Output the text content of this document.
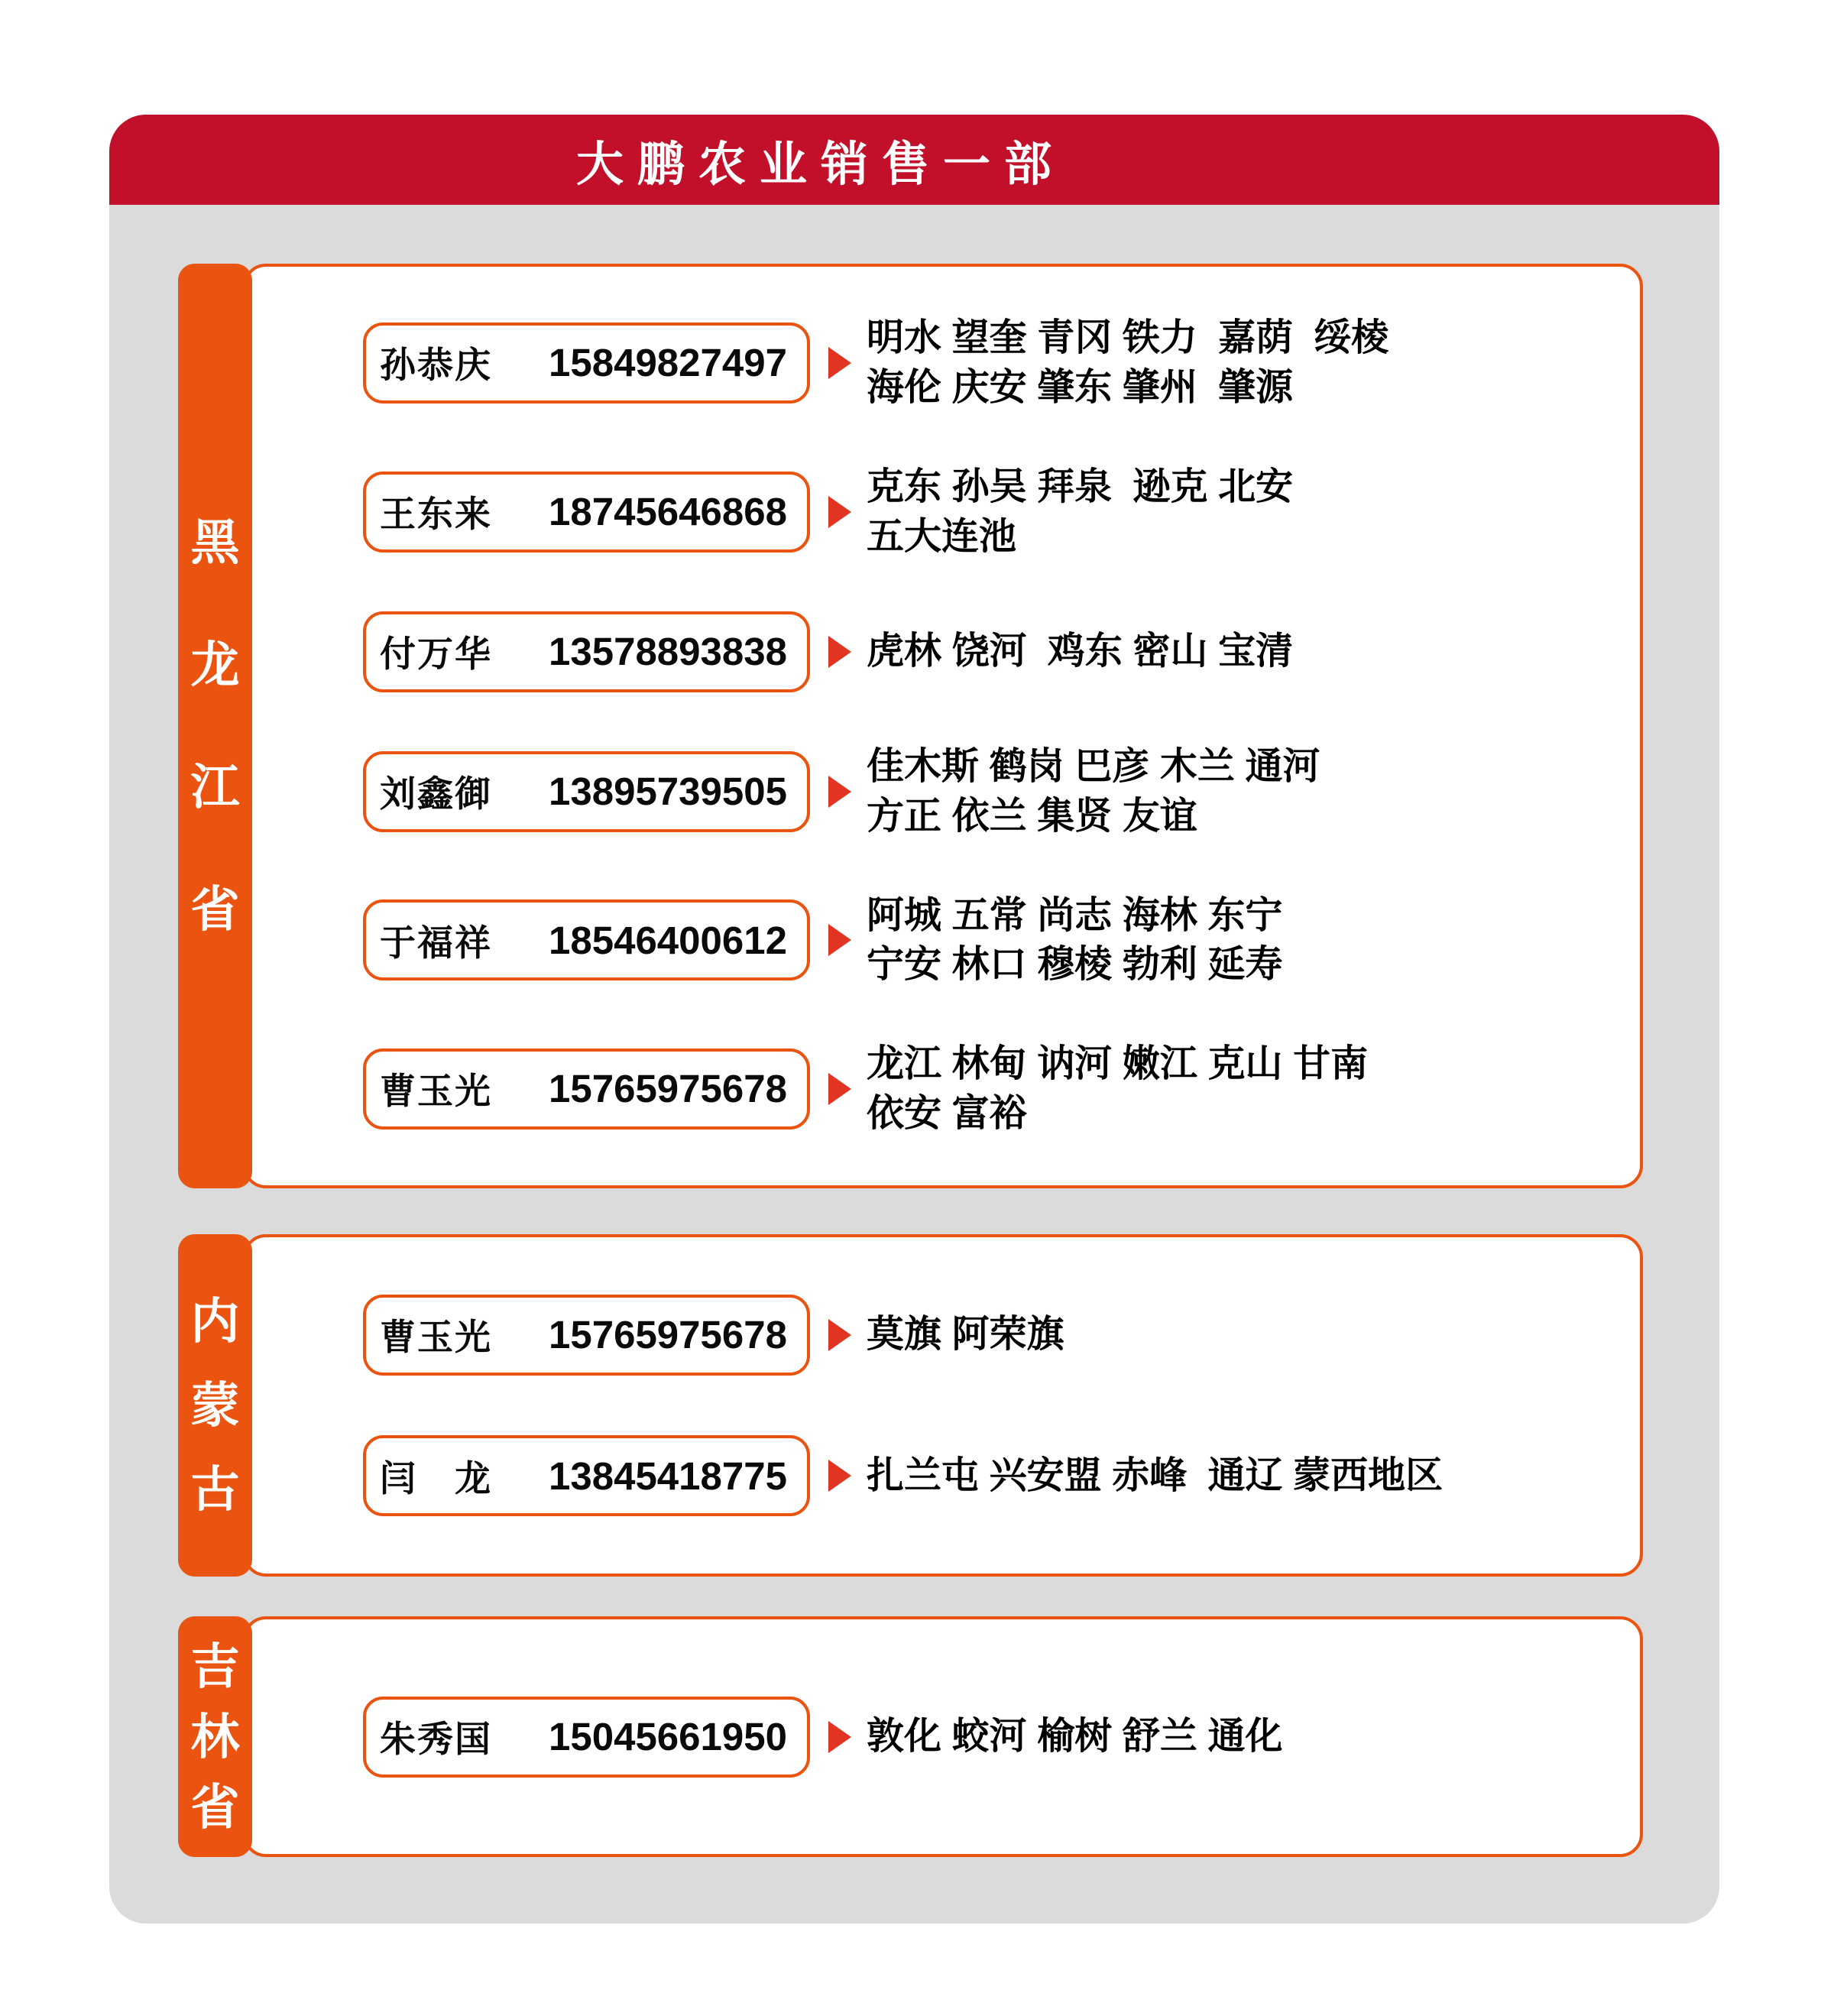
大鹏农业销售一部
黑
龙
江
省
孙恭庆 15849827497
明水 望奎 青冈 铁力  嘉荫  绥棱
海伦 庆安 肇东 肇州  肇源
王东来 18745646868
克东 孙吴 拜泉  逊克 北安
五大连池
付万华 13578893838 虎林 饶河  鸡东 密山 宝清
刘鑫御 13895739505
佳木斯 鹤岗 巴彦 木兰 通河
方正 依兰 集贤 友谊
于福祥 18546400612
阿城 五常 尚志 海林 东宁
宁安 林口 穆棱 勃利 延寿
曹玉光 15765975678
龙江 林甸 讷河 嫩江 克山 甘南
依安 富裕
内
蒙
古
曹玉光 15765975678 莫旗 阿荣旗
闫　龙 13845418775 扎兰屯 兴安盟 赤峰  通辽 蒙西地区
吉
林
省
朱秀国 15045661950 敦化 蛟河 榆树 舒兰 通化
